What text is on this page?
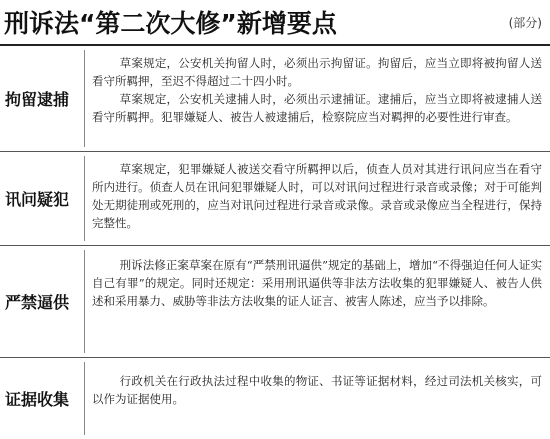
刑诉法“第二次大修”新增要点	(部分)
拘留逮捕

草案规定，公安机关拘留人时，必须出示拘留证。拘留后，应当立即将被拘留人送看守所羁押，至迟不得超过二十四小时。

草案规定，公安机关逮捕人时，必须出示逮捕证。逮捕后，应当立即将被逮捕人送看守所羁押。犯罪嫌疑人、被告人被逮捕后，检察院应当对羁押的必要性进行审查。

讯问疑犯

草案规定，犯罪嫌疑人被送交看守所羁押以后，侦查人员对其进行讯问应当在看守所内进行。侦查人员在讯问犯罪嫌疑人时，可以对讯问过程进行录音或录像；对于可能判处无期徒刑或死刑的，应当对讯问过程进行录音或录像。录音或录像应当全程进行，保持完整性。

严禁逼供

刑诉法修正案草案在原有“严禁刑讯逼供”规定的基础上，增加“不得强迫任何人证实自己有罪”的规定。同时还规定：采用刑讯逼供等非法方法收集的犯罪嫌疑人、被告人供述和采用暴力、威胁等非法方法收集的证人证言、被害人陈述，应当予以排除。

证据收集

行政机关在行政执法过程中收集的物证、书证等证据材料，经过司法机关核实，可以作为证据使用。
